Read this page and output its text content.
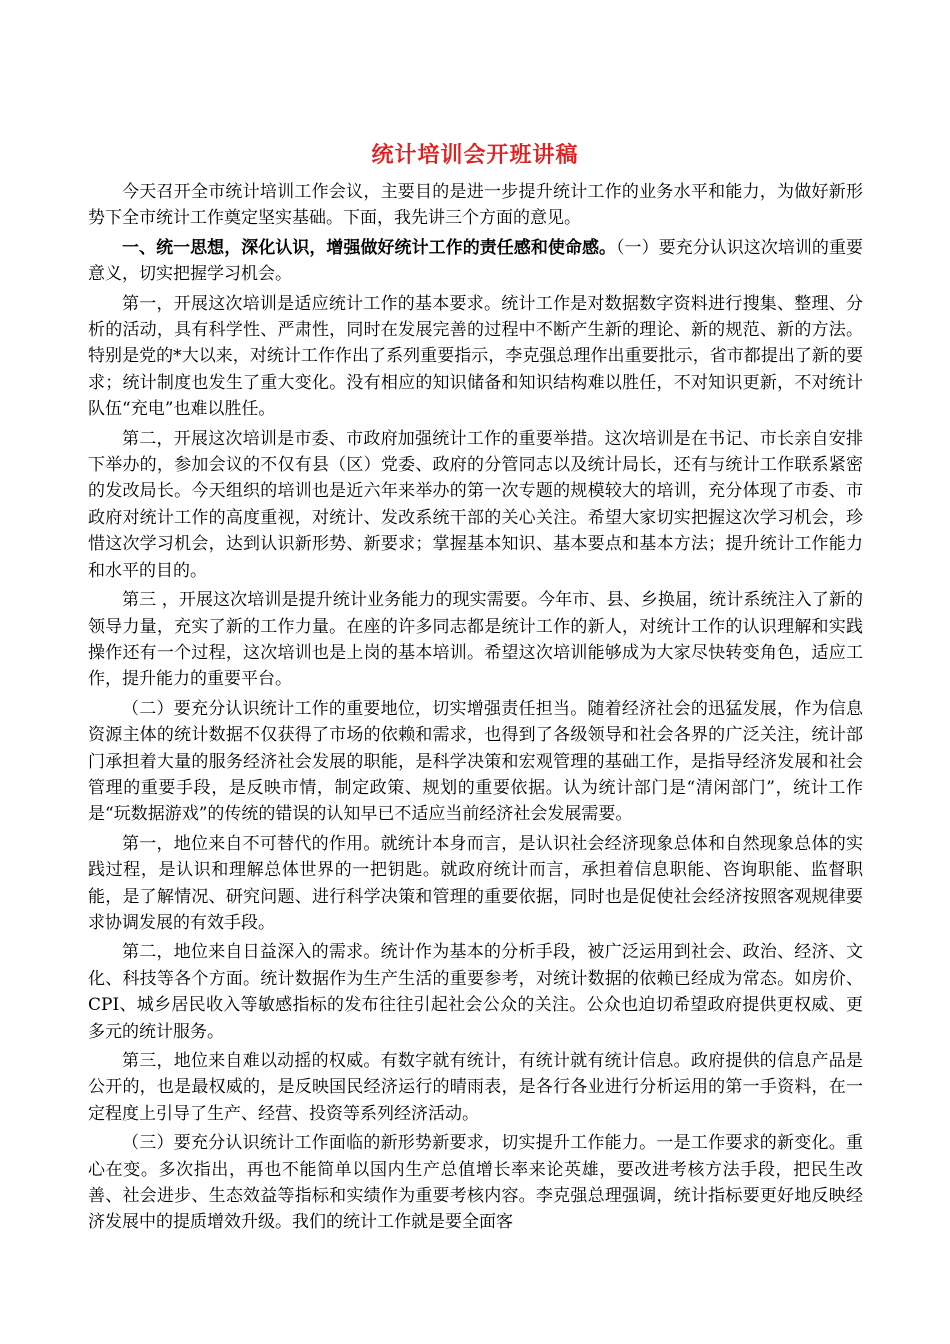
统计培训会开班讲稿

今天召开全市统计培训工作会议，主要目的是进一步提升统计工作的业务水平和能力，为做好新形势下全市统计工作奠定坚实基础。下面，我先讲三个方面的意见。

一、统一思想，深化认识，增强做好统计工作的责任感和使命感。（一）要充分认识这次培训的重要意义，切实把握学习机会。

第一，开展这次培训是适应统计工作的基本要求。统计工作是对数据数字资料进行搜集、整理、分析的活动，具有科学性、严肃性，同时在发展完善的过程中不断产生新的理论、新的规范、新的方法。特别是党的*大以来，对统计工作作出了系列重要指示，李克强总理作出重要批示，省市都提出了新的要求；统计制度也发生了重大变化。没有相应的知识储备和知识结构难以胜任，不对知识更新，不对统计队伍“充电”也难以胜任。

第二，开展这次培训是市委、市政府加强统计工作的重要举措。这次培训是在书记、市长亲自安排下举办的，参加会议的不仅有县（区）党委、政府的分管同志以及统计局长，还有与统计工作联系紧密的发改局长。今天组织的培训也是近六年来举办的第一次专题的规模较大的培训，充分体现了市委、市政府对统计工作的高度重视，对统计、发改系统干部的关心关注。希望大家切实把握这次学习机会，珍惜这次学习机会，达到认识新形势、新要求；掌握基本知识、基本要点和基本方法；提升统计工作能力和水平的目的。

第三 ，开展这次培训是提升统计业务能力的现实需要。今年市、县、乡换届，统计系统注入了新的领导力量，充实了新的工作力量。在座的许多同志都是统计工作的新人，对统计工作的认识理解和实践操作还有一个过程，这次培训也是上岗的基本培训。希望这次培训能够成为大家尽快转变角色，适应工作，提升能力的重要平台。

（二）要充分认识统计工作的重要地位，切实增强责任担当。随着经济社会的迅猛发展，作为信息资源主体的统计数据不仅获得了市场的依赖和需求，也得到了各级领导和社会各界的广泛关注，统计部门承担着大量的服务经济社会发展的职能，是科学决策和宏观管理的基础工作，是指导经济发展和社会管理的重要手段，是反映市情，制定政策、规划的重要依据。认为统计部门是“清闲部门”，统计工作是“玩数据游戏”的传统的错误的认知早已不适应当前经济社会发展需要。

第一，地位来自不可替代的作用。就统计本身而言，是认识社会经济现象总体和自然现象总体的实践过程，是认识和理解总体世界的一把钥匙。就政府统计而言，承担着信息职能、咨询职能、监督职能，是了解情况、研究问题、进行科学决策和管理的重要依据，同时也是促使社会经济按照客观规律要求协调发展的有效手段。

第二，地位来自日益深入的需求。统计作为基本的分析手段，被广泛运用到社会、政治、经济、文化、科技等各个方面。统计数据作为生产生活的重要参考，对统计数据的依赖已经成为常态。如房价、CPI、城乡居民收入等敏感指标的发布往往引起社会公众的关注。公众也迫切希望政府提供更权威、更多元的统计服务。

第三，地位来自难以动摇的权威。有数字就有统计，有统计就有统计信息。政府提供的信息产品是公开的，也是最权威的，是反映国民经济运行的晴雨表，是各行各业进行分析运用的第一手资料，在一定程度上引导了生产、经营、投资等系列经济活动。

（三）要充分认识统计工作面临的新形势新要求，切实提升工作能力。一是工作要求的新变化。重心在变。多次指出，再也不能简单以国内生产总值增长率来论英雄，要改进考核方法手段，把民生改善、社会进步、生态效益等指标和实绩作为重要考核内容。李克强总理强调，统计指标要更好地反映经济发展中的提质增效升级。我们的统计工作就是要全面客
